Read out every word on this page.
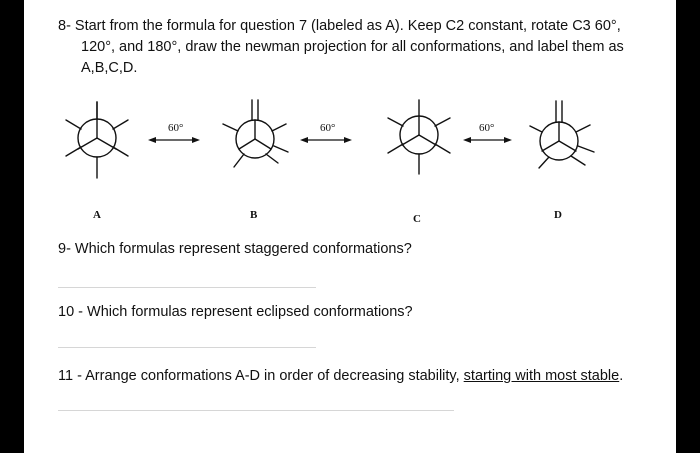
8- Start from the formula for question 7 (labeled as A). Keep C2 constant, rotate C3 60°,
120°, and 180°, draw the newman projection for all conformations, and label them as
A,B,C,D.

60°	60°	60°
A	B	C	D

9- Which formulas represent staggered conformations?

10 - Which formulas represent eclipsed conformations?

11 - Arrange conformations A-D in order of decreasing stability, starting with most stable.
